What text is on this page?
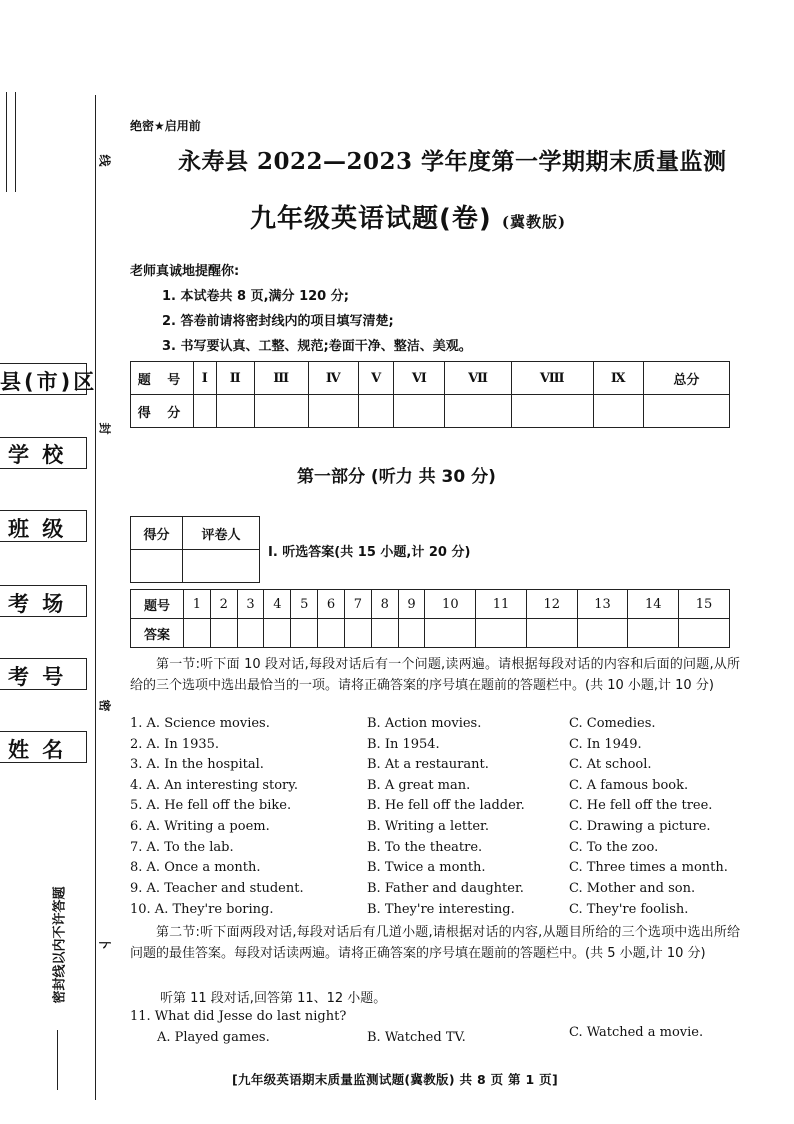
县(市)区
学 校
班 级
考 场
考 号
姓 名
线
封
密
卜
密封线以内不许答题
绝密★启用前
永寿县 2022—2023 学年度第一学期期末质量监测
九年级英语试题(卷) (冀教版)
老师真诚地提醒你:
1. 本试卷共 8 页,满分 120 分;
2. 答卷前请将密封线内的项目填写清楚;
3. 书写要认真、工整、规范;卷面干净、整洁、美观。
题 号	Ⅰ	Ⅱ	Ⅲ	Ⅳ	Ⅴ	Ⅵ	Ⅶ	Ⅷ	Ⅸ	总分
得 分										
第一部分 (听力 共 30 分)
得分	评卷人

Ⅰ. 听选答案(共 15 小题,计 20 分)
题号	1	2	3	4	5	6	7	8	9	10	11	12	13	14	15
答案															
第一节:听下面 10 段对话,每段对话后有一个问题,读两遍。请根据每段对话的内容和后面的问题,从所给的三个选项中选出最恰当的一项。请将正确答案的序号填在题前的答题栏中。(共 10 小题,计 10 分)
1. A. Science movies.	B. Action movies.	C. Comedies.
2. A. In 1935.	B. In 1954.	C. In 1949.
3. A. In the hospital.	B. At a restaurant.	C. At school.
4. A. An interesting story.	B. A great man.	C. A famous book.
5. A. He fell off the bike.	B. He fell off the ladder.	C. He fell off the tree.
6. A. Writing a poem.	B. Writing a letter.	C. Drawing a picture.
7. A. To the lab.	B. To the theatre.	C. To the zoo.
8. A. Once a month.	B. Twice a month.	C. Three times a month.
9. A. Teacher and student.	B. Father and daughter.	C. Mother and son.
10. A. They're boring.	B. They're interesting.	C. They're foolish.
第二节:听下面两段对话,每段对话后有几道小题,请根据对话的内容,从题目所给的三个选项中选出所给问题的最佳答案。每段对话读两遍。请将正确答案的序号填在题前的答题栏中。(共 5 小题,计 10 分)
听第 11 段对话,回答第 11、12 小题。
11. What did Jesse do last night?
A. Played games.	B. Watched TV.	C. Watched a movie.
[九年级英语期末质量监测试题(冀教版) 共 8 页 第 1 页]
